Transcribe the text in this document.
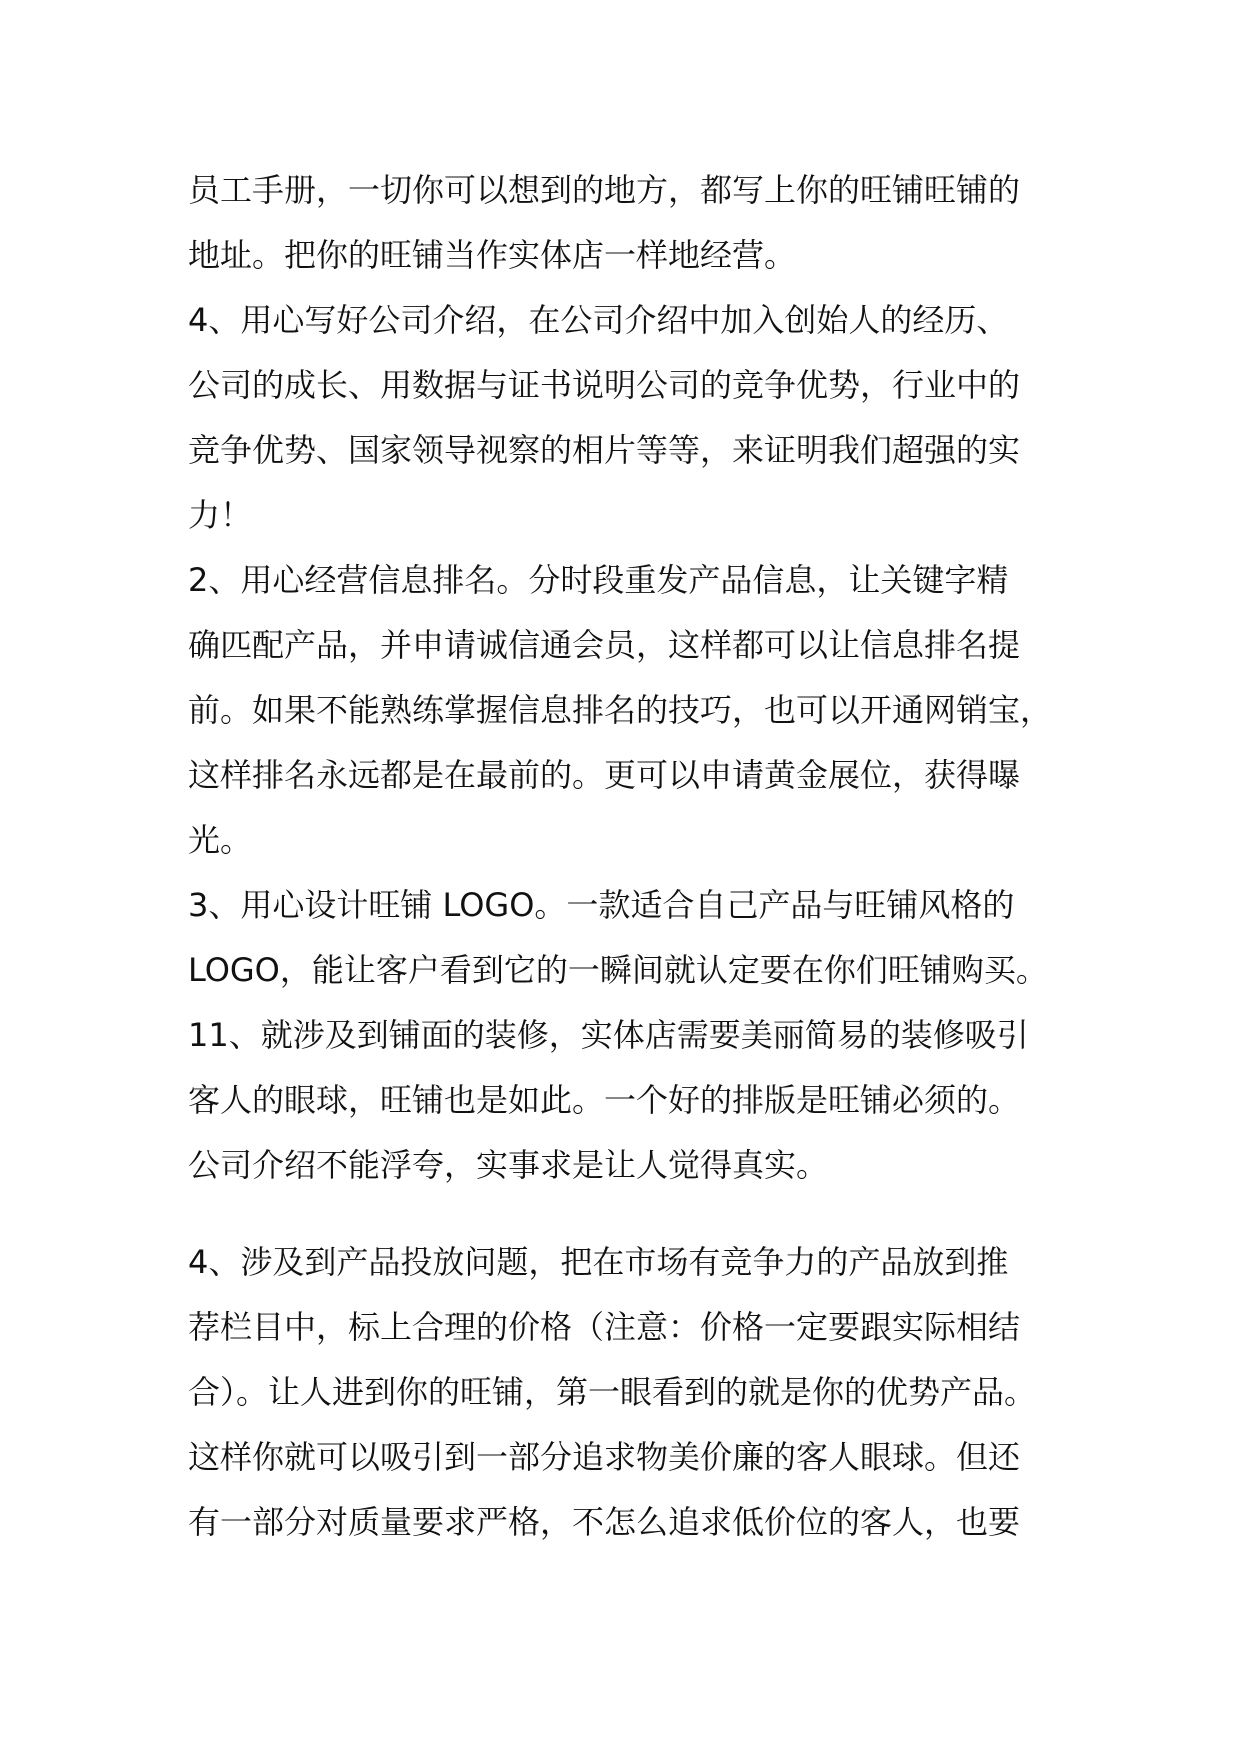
员工手册，一切你可以想到的地方，都写上你的旺铺旺铺的
地址。把你的旺铺当作实体店一样地经营。
4、用心写好公司介绍，在公司介绍中加入创始人的经历、
公司的成长、用数据与证书说明公司的竞争优势，行业中的
竞争优势、国家领导视察的相片等等，来证明我们超强的实
力！
2、用心经营信息排名。分时段重发产品信息，让关键字精
确匹配产品，并申请诚信通会员，这样都可以让信息排名提
前。如果不能熟练掌握信息排名的技巧，也可以开通网销宝，
这样排名永远都是在最前的。更可以申请黄金展位，获得曝
光。
3、用心设计旺铺 LOGO。一款适合自己产品与旺铺风格的
LOGO，能让客户看到它的一瞬间就认定要在你们旺铺购买。
11、就涉及到铺面的装修，实体店需要美丽简易的装修吸引
客人的眼球，旺铺也是如此。一个好的排版是旺铺必须的。
公司介绍不能浮夸，实事求是让人觉得真实。
4、涉及到产品投放问题，把在市场有竞争力的产品放到推
荐栏目中，标上合理的价格（注意：价格一定要跟实际相结
合）。让人进到你的旺铺，第一眼看到的就是你的优势产品。
这样你就可以吸引到一部分追求物美价廉的客人眼球。但还
有一部分对质量要求严格，不怎么追求低价位的客人，也要
